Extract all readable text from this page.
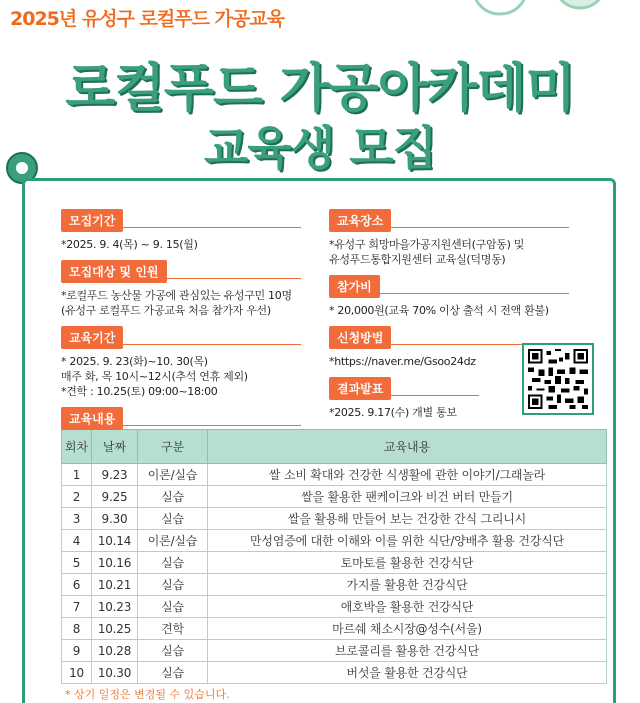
2025년 유성구 로컬푸드 가공교육
로컬푸드 가공아카데미
교육생 모집
모집기간
*2025. 9. 4(목) ~ 9. 15(월)
모집대상 및 인원
*로컬푸드 농산물 가공에 관심있는 유성구민 10명
(유성구 로컬푸드 가공교육 처음 참가자 우선)
교육기간
* 2025. 9. 23(화)~10. 30(목)
매주 화, 목 10시~12시(추석 연휴 제외)
*견학 : 10.25(토) 09:00~18:00
교육내용
교육장소
*유성구 희망마을가공지원센터(구암동) 및
유성푸드통합지원센터 교육실(덕명동)
참가비
* 20,000원(교육 70% 이상 출석 시 전액 환불)
신청방법
*https://naver.me/Gsoo24dz
결과발표
*2025. 9.17(수) 개별 통보
회차	날짜	구분	교육내용
1	9.23	이론/실습	쌀 소비 확대와 건강한 식생활에 관한 이야기/그래놀라
2	9.25	실습	쌀을 활용한 팬케이크와 비건 버터 만들기
3	9.30	실습	쌀을 활용해 만들어 보는 건강한 간식 그리니시
4	10.14	이론/실습	만성염증에 대한 이해와 이를 위한 식단/양배추 활용 건강식단
5	10.16	실습	토마토를 활용한 건강식단
6	10.21	실습	가지를 활용한 건강식단
7	10.23	실습	애호박을 활용한 건강식단
8	10.25	견학	마르쉐 채소시장@성수(서울)
9	10.28	실습	브로콜리를 활용한 건강식단
10	10.30	실습	버섯을 활용한 건강식단
* 상기 일정은 변경될 수 있습니다.
